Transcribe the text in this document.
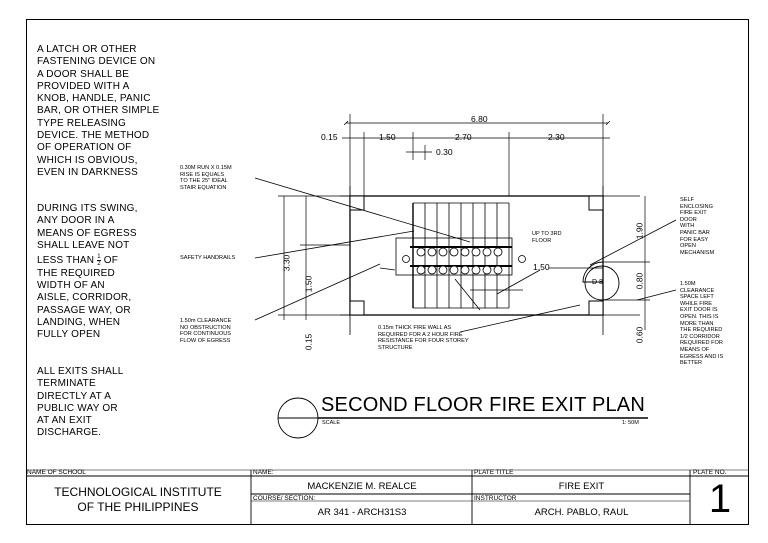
A LATCH OR OTHER
FASTENING DEVICE ON
A DOOR SHALL BE
PROVIDED WITH A
KNOB, HANDLE, PANIC
BAR, OR OTHER SIMPLE
TYPE RELEASING
DEVICE. THE METHOD
OF OPERATION OF
WHICH IS OBVIOUS,
EVEN IN DARKNESS
DURING ITS SWING,
ANY DOOR IN A
MEANS OF EGRESS
SHALL LEAVE NOT
LESS THAN $\frac{1}{2}$ OF
THE REQUIRED
WIDTH OF AN
AISLE, CORRIDOR,
PASSAGE WAY, OR
LANDING, WHEN
FULLY OPEN
ALL EXITS SHALL
TERMINATE
DIRECTLY AT A
PUBLIC WAY OR
AT AN EXIT
DISCHARGE.
0.30M RUN X 0.15M
RISE IS EQUALS
TO THE 25" IDEAL
STAIR EQUATION
SAFETY HANDRAILS
1.50m CLEARANCE
NO OBSTRUCTION
FOR CONTINUOUS
FLOW OF EGRESS
UP TO 3RD
FLOOR
0.15m THICK FIRE WALL AS
REQUIRED FOR A 2 HOUR FIRE
RESISTANCE FOR FOUR STOREY
STRUCTURE
SELF
ENCLOSING
FIRE EXIT
DOOR
WITH
PANIC BAR
FOR EASY
OPEN
MECHANISM
1.50M
CLEARANCE
SPACE LEFT
WHILE FIRE
EXIT DOOR IS
OPEN. THIS IS
MORE THAN
THE REQUIRED
1/2 CORRIDOR
REQUIRED FOR
MEANS OF
EGRESS AND IS
BETTER
D 8
6.80
0.15	1.50	2.70	2.30
0.30
3.30
1.50
0.15
1.50
1.90
0.80
0.60
SECOND FLOOR FIRE EXIT PLAN
SCALE	1: 50M
NAME OF SCHOOL
TECHNOLOGICAL INSTITUTE
OF THE PHILIPPINES
NAME:
MACKENZIE M. REALCE
COURSE/ SECTION:
AR 341 - ARCH31S3
PLATE TITLE
FIRE EXIT
INSTRUCTOR
ARCH. PABLO, RAUL
PLATE NO.
1
